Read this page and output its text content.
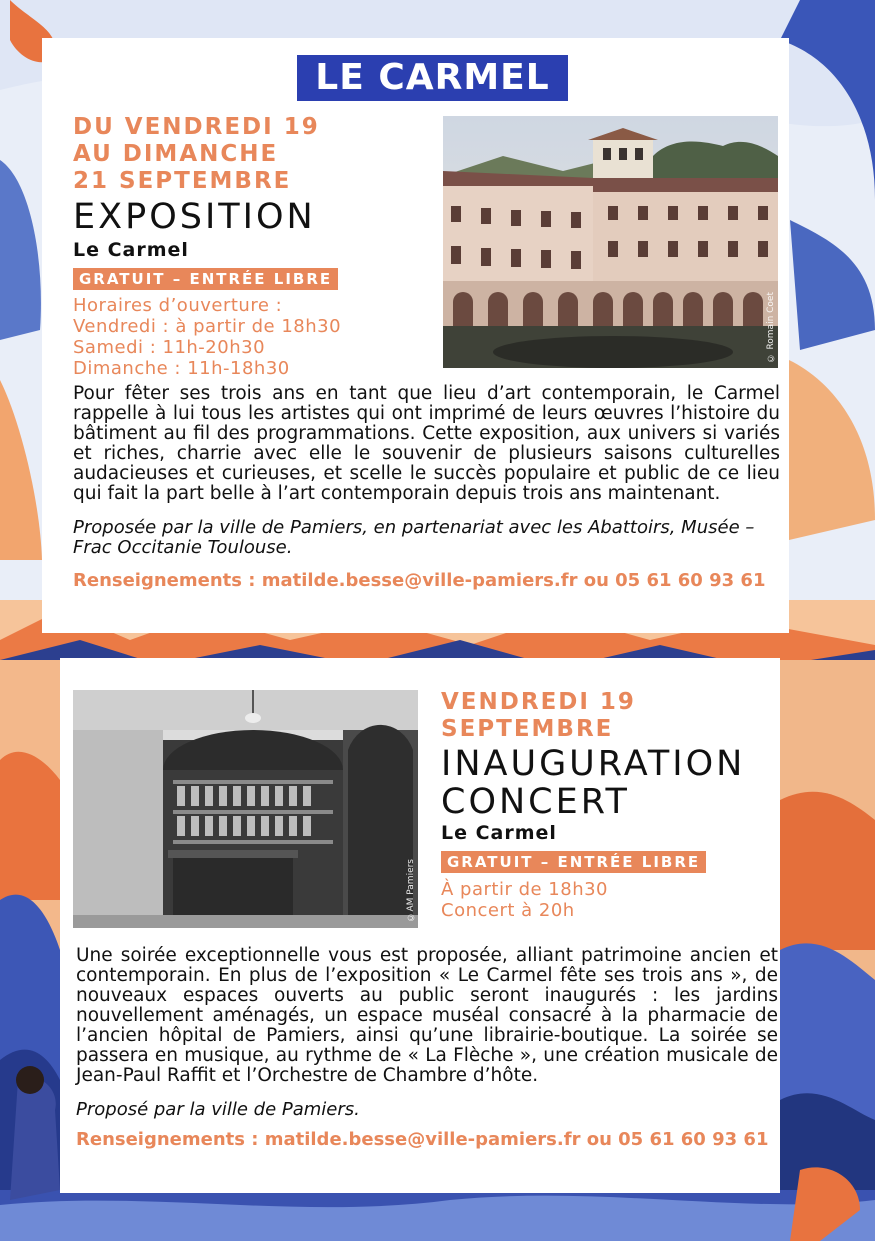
LE CARMEL

DU VENDREDI 19

AU DIMANCHE

21 SEPTEMBRE

EXPOSITION

Le Carmel

GRATUIT – ENTRÉE LIBRE

Horaires d’ouverture :

Vendredi : à partir de 18h30

Samedi : 11h-20h30

Dimanche : 11h-18h30

© Romain Coet

Pour fêter ses trois ans en tant que lieu d’art contemporain, le Carmel rappelle à lui tous les artistes qui ont imprimé de leurs œuvres l’histoire du bâtiment au fil des programmations. Cette exposition, aux univers si variés et riches, charrie avec elle le souvenir de plusieurs saisons culturelles audacieuses et curieuses, et scelle le succès populaire et public de ce lieu qui fait la part belle à l’art contemporain depuis trois ans maintenant.

Proposée par la ville de Pamiers, en partenariat avec les Abattoirs, Musée – Frac Occitanie Toulouse.

Renseignements : matilde.besse@ville-pamiers.fr ou 05 61 60 93 61

©AM Pamiers

VENDREDI 19

SEPTEMBRE

INAUGURATION

CONCERT

Le Carmel

GRATUIT – ENTRÉE LIBRE

À partir de 18h30

Concert à 20h

Une soirée exceptionnelle vous est proposée, alliant patrimoine ancien et contemporain. En plus de l’exposition « Le Carmel fête ses trois ans », de nouveaux espaces ouverts au public seront inaugurés : les jardins nouvellement aménagés, un espace muséal consacré à la pharmacie de l’ancien hôpital de Pamiers, ainsi qu’une librairie-boutique. La soirée se passera en musique, au rythme de « La Flèche », une création musicale de Jean-Paul Raffit et l’Orchestre de Chambre d’hôte.

Proposé par la ville de Pamiers.

Renseignements : matilde.besse@ville-pamiers.fr ou 05 61 60 93 61
